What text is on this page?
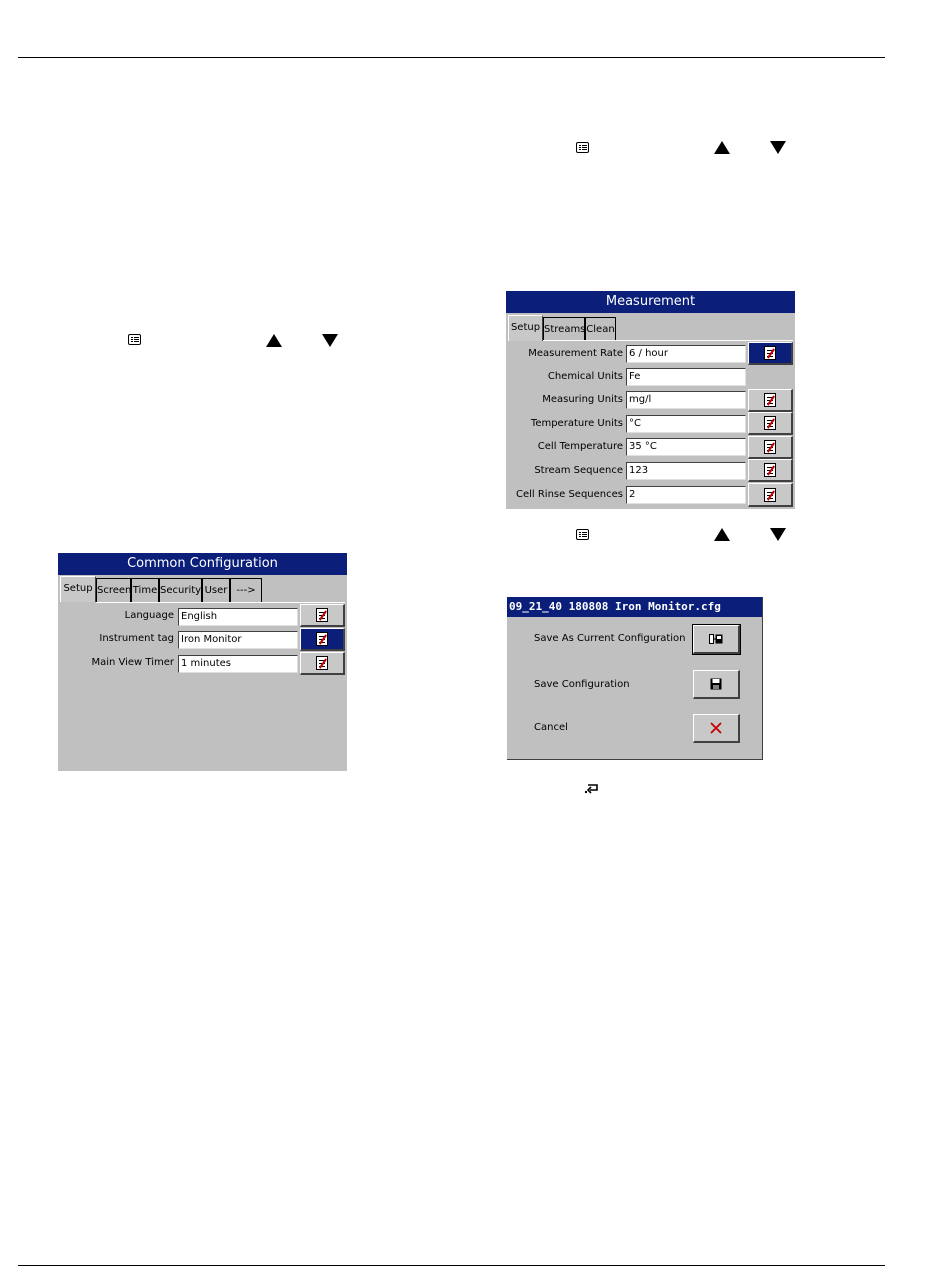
Common Configuration
Setup Screen Time Security User --->
Language English
Instrument tag Iron Monitor
Main View Timer 1 minutes
Measurement
Setup Streams Clean
Measurement Rate 6 / hour
Chemical Units Fe
Measuring Units mg/l
Temperature Units °C
Cell Temperature 35 °C
Stream Sequence 123
Cell Rinse Sequences 2
09_21_40 180808 Iron Monitor.cfg
Save As Current Configuration
Save Configuration
Cancel
